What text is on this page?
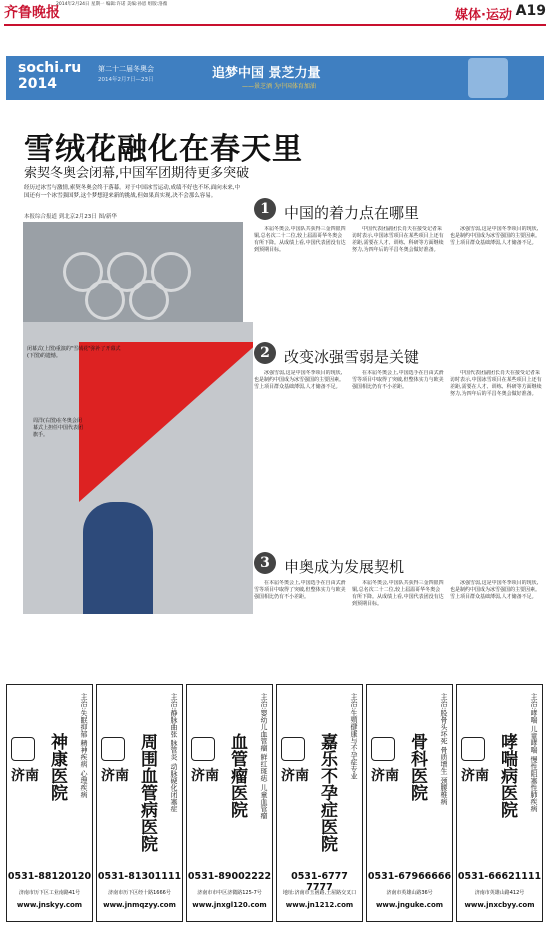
齐鲁晚报
2014年2月24日 星期一 编辑:许诺 美编:孙恩 组版:洛薇
媒体·运动 A19
sochi.ru
2014
第二十二届冬奥会
2014年2月7日—23日	追梦中国 景芝力量
——景芝酒 为中国体育加油
雪绒花融化在春天里
索契冬奥会闭幕,中国军团期待更多突破
经历过冰雪与激情,索契冬奥会终于落幕。对于中国冰雪运动,成绩不好也不坏,面向未来,中国还有一个冰雪强国梦,这个梦想迎来新的挑战,但如果真实现,决不会那么容易。
本报综合报道 到北京2月23日 图/新华
周洋(右图)在冬奥会闭幕式上担任中国代表团旗手。
闭幕式(上图)重演的"雪绒花"弥补了开幕式(下图)的遗憾。
1 中国的着力点在哪里
本届冬奥会,中国队共获得三金四银四铜,总名次二十二位,较上届温哥华冬奥会有所下降。从成绩上看,中国代表团没有达到预期目标。
中国代表团副团长肖天在接受记者采访时表示,中国冰雪项目在某些项目上还有差距,需要在人才、训练、科研等方面继续努力,为四年后的平昌冬奥会做好准备。
冰强雪弱,这是中国冬季项目的现状,也是制约中国成为冰雪强国的主要因素。雪上项目群众基础薄弱,人才储备不足。
2 改变冰强雪弱是关键
冰强雪弱,这是中国冬季项目的现状,也是制约中国成为冰雪强国的主要因素。雪上项目群众基础薄弱,人才储备不足。
在本届冬奥会上,中国选手在自由式滑雪等项目中取得了突破,但整体实力与欧美强国相比仍有不小差距。
中国代表团副团长肖天在接受记者采访时表示,中国冰雪项目在某些项目上还有差距,需要在人才、训练、科研等方面继续努力,为四年后的平昌冬奥会做好准备。
3 申奥成为发展契机
在本届冬奥会上,中国选手在自由式滑雪等项目中取得了突破,但整体实力与欧美强国相比仍有不小差距。
本届冬奥会,中国队共获得三金四银四铜,总名次二十二位,较上届温哥华冬奥会有所下降。从成绩上看,中国代表团没有达到预期目标。
冰强雪弱,这是中国冬季项目的现状,也是制约中国成为冰雪强国的主要因素。雪上项目群众基础薄弱,人才储备不足。
济南 神康医院 主治:失眠抑郁 精神疾病 心理疾病
0531-88120120
济南市历下区工业南路41号
www.jnskyy.com
济南 周围血管病医院 主治:静脉曲张 脉管炎 动脉硬化闭塞症
0531-81301111
济南市历下区经十路1666号
www.jnmqzyy.com
济南 血管瘤医院 主治:婴幼儿血管瘤 鲜红斑痣 儿童血管瘤
0531-89002222
济南市市中区济微路125-7号
www.jnxgl120.com
济南 嘉乐不孕症医院 主治:生殖健康与不孕症专业
0531-6777 7777
地址:济南市玉函路,土屋路交叉口
www.jn1212.com
济南 骨科医院 主治:股骨头坏死 骨质增生 颈腰椎病
0531-67966666
济南市英雄山路36号
www.jnguke.com
济南 哮喘病医院 主治:哮喘 儿童哮喘 慢性阻塞性肺疾病
0531-66621111
济南市英雄山路412号
www.jnxcbyy.com
